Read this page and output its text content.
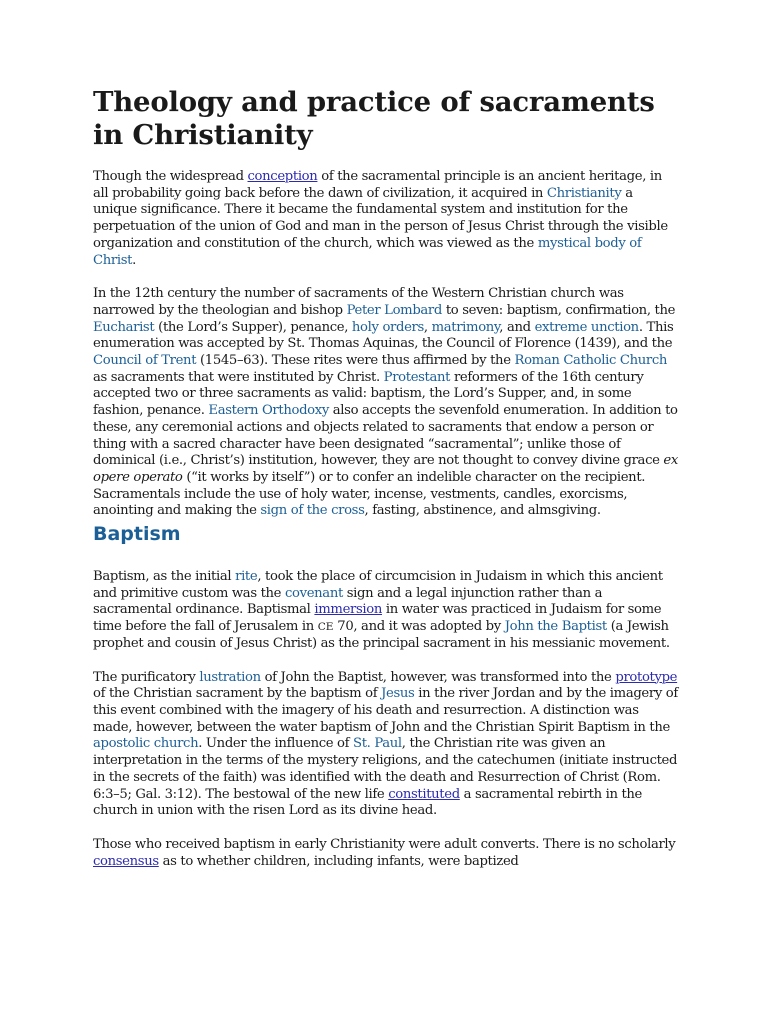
Theology and practice of sacraments in Christianity

Though the widespread conception of the sacramental principle is an ancient heritage, in all probability going back before the dawn of civilization, it acquired in Christianity a unique significance. There it became the fundamental system and institution for the perpetuation of the union of God and man in the person of Jesus Christ through the visible organization and constitution of the church, which was viewed as the mystical body of Christ.

In the 12th century the number of sacraments of the Western Christian church was narrowed by the theologian and bishop Peter Lombard to seven: baptism, confirmation, the Eucharist (the Lord’s Supper), penance, holy orders, matrimony, and extreme unction. This enumeration was accepted by St. Thomas Aquinas, the Council of Florence (1439), and the Council of Trent (1545–63). These rites were thus affirmed by the Roman Catholic Church as sacraments that were instituted by Christ. Protestant reformers of the 16th century accepted two or three sacraments as valid: baptism, the Lord’s Supper, and, in some fashion, penance. Eastern Orthodoxy also accepts the sevenfold enumeration. In addition to these, any ceremonial actions and objects related to sacraments that endow a person or thing with a sacred character have been designated “sacramental”; unlike those of dominical (i.e., Christ’s) institution, however, they are not thought to convey divine grace ex opere operato (“it works by itself”) or to confer an indelible character on the recipient. Sacramentals include the use of holy water, incense, vestments, candles, exorcisms, anointing and making the sign of the cross, fasting, abstinence, and almsgiving.

Baptism

Baptism, as the initial rite, took the place of circumcision in Judaism in which this ancient and primitive custom was the covenant sign and a legal injunction rather than a sacramental ordinance. Baptismal immersion in water was practiced in Judaism for some time before the fall of Jerusalem in CE 70, and it was adopted by John the Baptist (a Jewish prophet and cousin of Jesus Christ) as the principal sacrament in his messianic movement.

The purificatory lustration of John the Baptist, however, was transformed into the prototype of the Christian sacrament by the baptism of Jesus in the river Jordan and by the imagery of this event combined with the imagery of his death and resurrection. A distinction was made, however, between the water baptism of John and the Christian Spirit Baptism in the apostolic church. Under the influence of St. Paul, the Christian rite was given an interpretation in the terms of the mystery religions, and the catechumen (initiate instructed in the secrets of the faith) was identified with the death and Resurrection of Christ (Rom. 6:3–5; Gal. 3:12). The bestowal of the new life constituted a sacramental rebirth in the church in union with the risen Lord as its divine head.

Those who received baptism in early Christianity were adult converts. There is no scholarly consensus as to whether children, including infants, were baptized
